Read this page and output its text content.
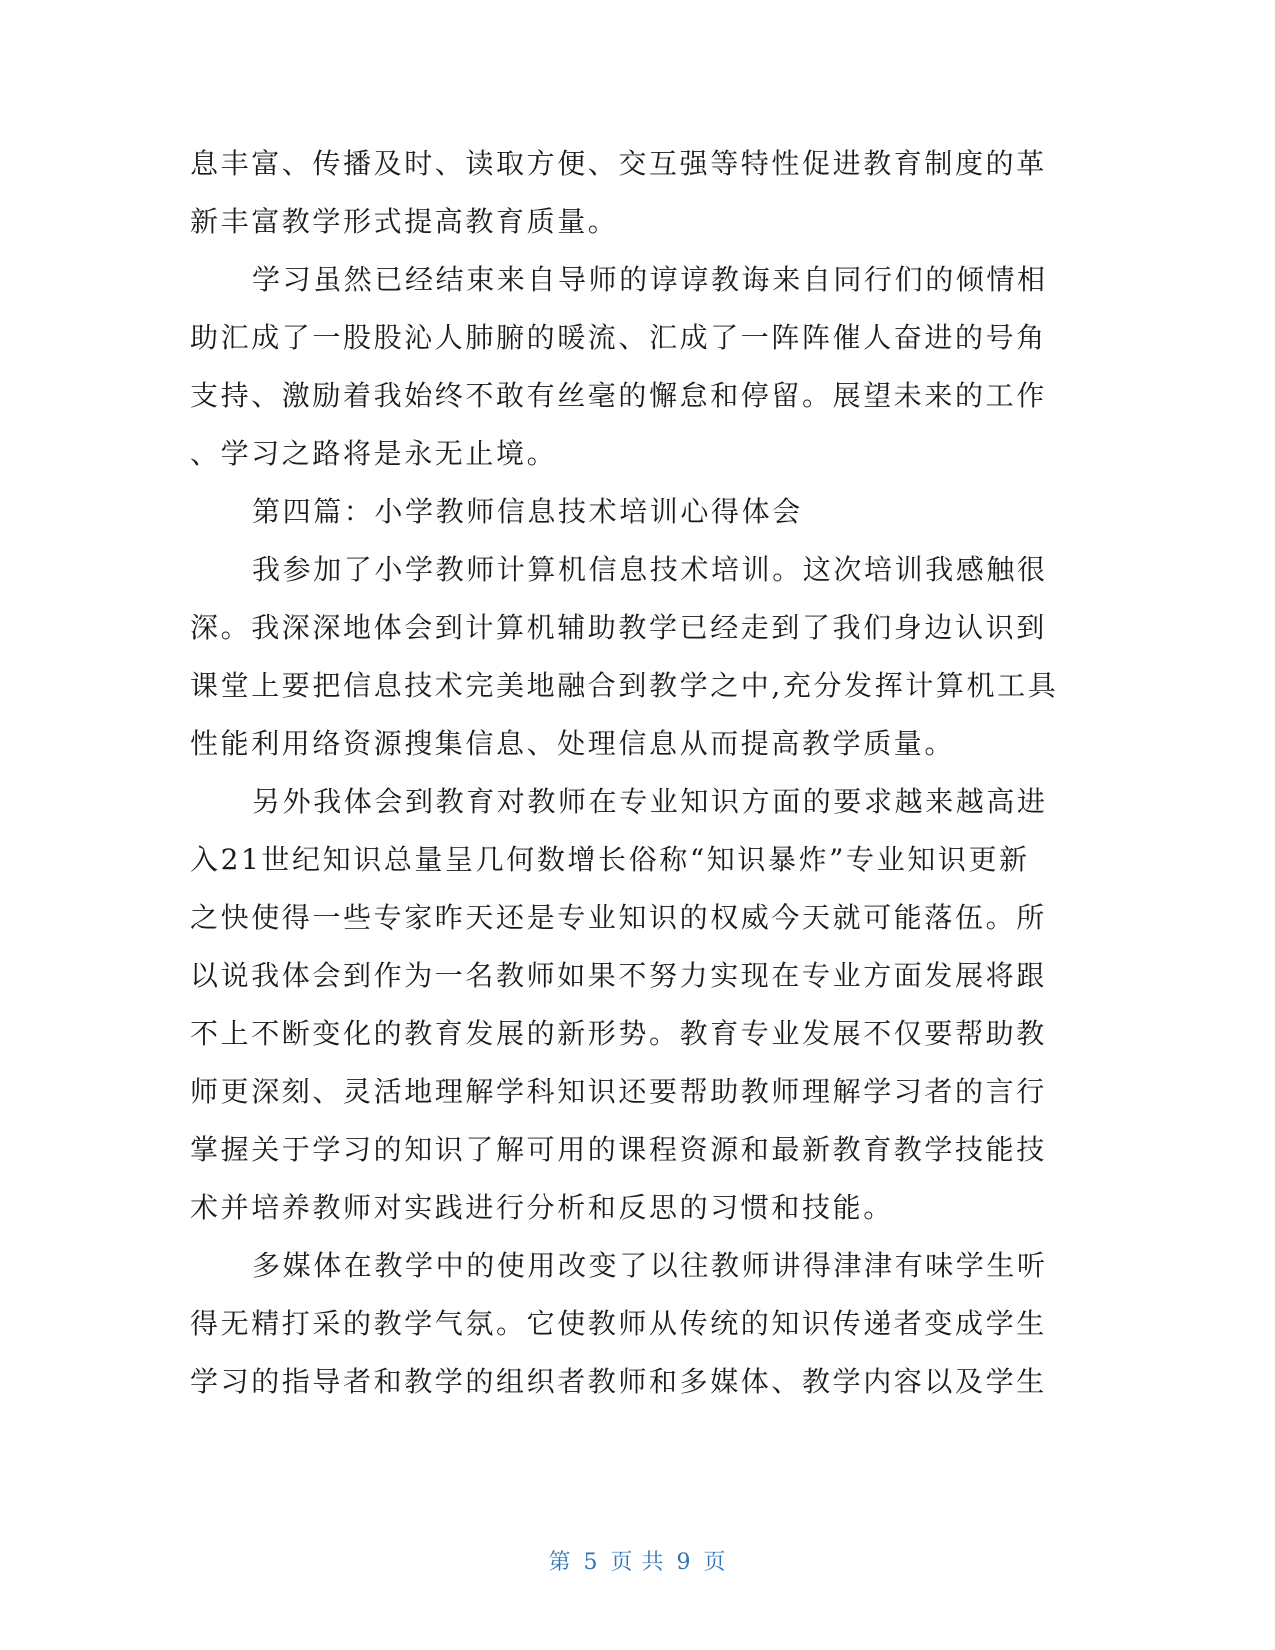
息丰富、传播及时、读取方便、交互强等特性促进教育制度的革
新丰富教学形式提高教育质量。
学习虽然已经结束来自导师的谆谆教诲来自同行们的倾情相
助汇成了一股股沁人肺腑的暖流、汇成了一阵阵催人奋进的号角
支持、激励着我始终不敢有丝毫的懈怠和停留。展望未来的工作
、学习之路将是永无止境。
第四篇：小学教师信息技术培训心得体会
我参加了小学教师计算机信息技术培训。这次培训我感触很
深。我深深地体会到计算机辅助教学已经走到了我们身边认识到
课堂上要把信息技术完美地融合到教学之中,充分发挥计算机工具
性能利用络资源搜集信息、处理信息从而提高教学质量。
另外我体会到教育对教师在专业知识方面的要求越来越高进
入21世纪知识总量呈几何数增长俗称“知识暴炸”专业知识更新
之快使得一些专家昨天还是专业知识的权威今天就可能落伍。所
以说我体会到作为一名教师如果不努力实现在专业方面发展将跟
不上不断变化的教育发展的新形势。教育专业发展不仅要帮助教
师更深刻、灵活地理解学科知识还要帮助教师理解学习者的言行
掌握关于学习的知识了解可用的课程资源和最新教育教学技能技
术并培养教师对实践进行分析和反思的习惯和技能。
多媒体在教学中的使用改变了以往教师讲得津津有味学生听
得无精打采的教学气氛。它使教师从传统的知识传递者变成学生
学习的指导者和教学的组织者教师和多媒体、教学内容以及学生
第 5 页 共 9 页
